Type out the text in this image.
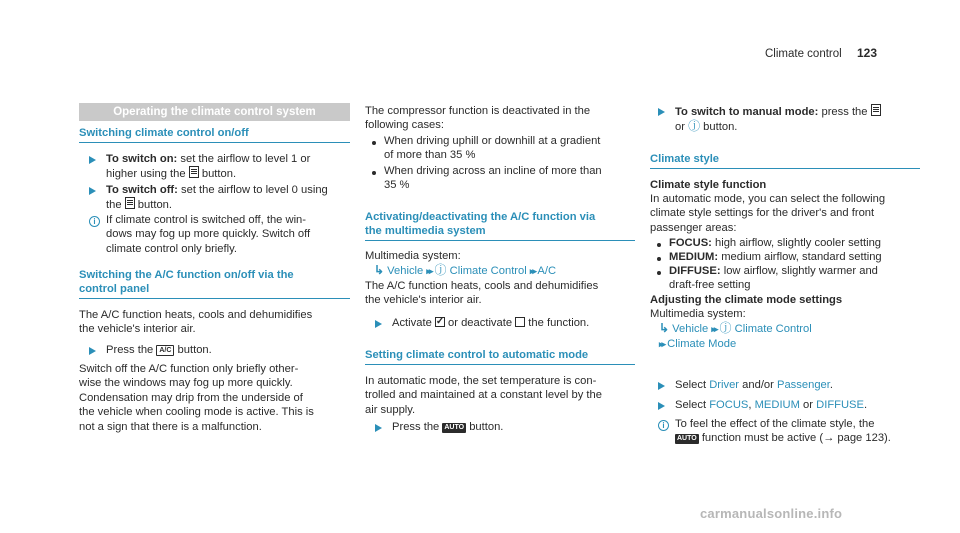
Climate control 123
Operating the climate control system
Switching climate control on/off
To switch on: set the airflow to level 1 or
higher using the  button.
To switch off: set the airflow to level 0 using
the  button.
i If climate control is switched off, the win-
dows may fog up more quickly. Switch off
climate control only briefly.
Switching the A/C function on/off via the
control panel
The A/C function heats, cools and dehumidifies
the vehicle's interior air.
Press the A/C button.
Switch off the A/C function only briefly other-
wise the windows may fog up more quickly.
Condensation may drip from the underside of
the vehicle when cooling mode is active. This is
not a sign that there is a malfunction.
The compressor function is deactivated in the
following cases:
When driving uphill or downhill at a gradient
of more than 35 %
When driving across an incline of more than
35 %
Activating/deactivating the A/C function via
the multimedia system
Multimedia system:
↳ Vehicle ▸▸ ⓙ Climate Control ▸▸ A/C
The A/C function heats, cools and dehumidifies
the vehicle's interior air.
Activate ✓ or deactivate  the function.
Setting climate control to automatic mode
In automatic mode, the set temperature is con-
trolled and maintained at a constant level by the
air supply.
Press the AUTO button.
To switch to manual mode: press the
or ⓙ button.
Climate style
Climate style function
In automatic mode, you can select the following
climate style settings for the driver's and front
passenger areas:
FOCUS: high airflow, slightly cooler setting
MEDIUM: medium airflow, standard setting
DIFFUSE: low airflow, slightly warmer and
draft-free setting
Adjusting the climate mode settings
Multimedia system:
↳ Vehicle ▸▸ ⓙ Climate Control
▸▸ Climate Mode
Select Driver and/or Passenger.
Select FOCUS, MEDIUM or DIFFUSE.
i To feel the effect of the climate style, the
AUTO function must be active (→ page 123).
carmanualsonline.info
